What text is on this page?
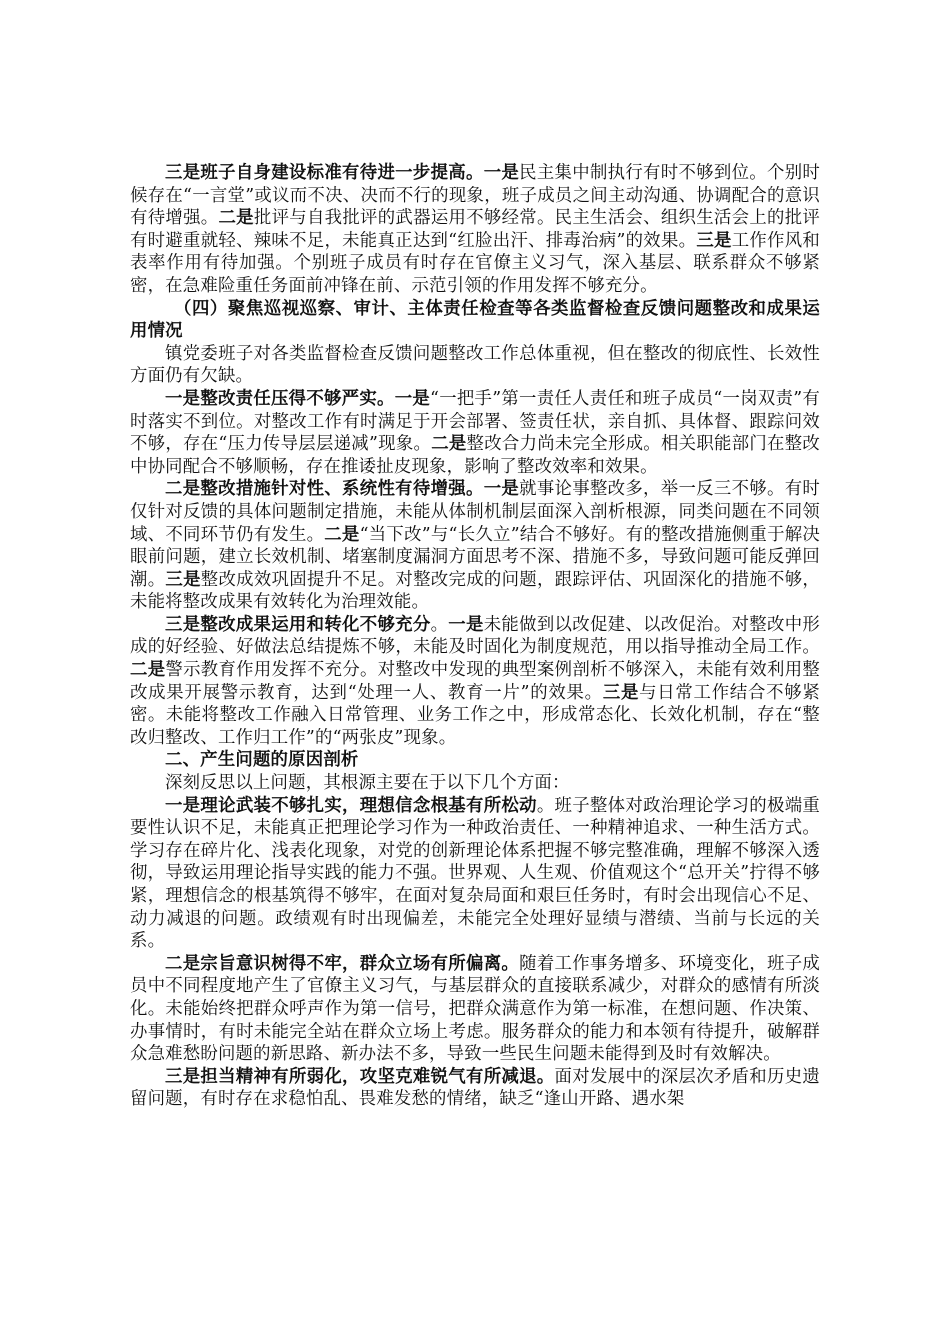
三是班子自身建设标准有待进一步提高。一是民主集中制执行有时不够到位。个别时候存在“一言堂”或议而不决、决而不行的现象，班子成员之间主动沟通、协调配合的意识有待增强。二是批评与自我批评的武器运用不够经常。民主生活会、组织生活会上的批评有时避重就轻、辣味不足，未能真正达到“红脸出汗、排毒治病”的效果。三是工作作风和表率作用有待加强。个别班子成员有时存在官僚主义习气，深入基层、联系群众不够紧密，在急难险重任务面前冲锋在前、示范引领的作用发挥不够充分。

（四）聚焦巡视巡察、审计、主体责任检查等各类监督检查反馈问题整改和成果运用情况

镇党委班子对各类监督检查反馈问题整改工作总体重视，但在整改的彻底性、长效性方面仍有欠缺。

一是整改责任压得不够严实。一是“一把手”第一责任人责任和班子成员“一岗双责”有时落实不到位。对整改工作有时满足于开会部署、签责任状，亲自抓、具体督、跟踪问效不够，存在“压力传导层层递减”现象。二是整改合力尚未完全形成。相关职能部门在整改中协同配合不够顺畅，存在推诿扯皮现象，影响了整改效率和效果。

二是整改措施针对性、系统性有待增强。一是就事论事整改多，举一反三不够。有时仅针对反馈的具体问题制定措施，未能从体制机制层面深入剖析根源，同类问题在不同领域、不同环节仍有发生。二是“当下改”与“长久立”结合不够好。有的整改措施侧重于解决眼前问题，建立长效机制、堵塞制度漏洞方面思考不深、措施不多，导致问题可能反弹回潮。三是整改成效巩固提升不足。对整改完成的问题，跟踪评估、巩固深化的措施不够，未能将整改成果有效转化为治理效能。

三是整改成果运用和转化不够充分。一是未能做到以改促建、以改促治。对整改中形成的好经验、好做法总结提炼不够，未能及时固化为制度规范，用以指导推动全局工作。二是警示教育作用发挥不充分。对整改中发现的典型案例剖析不够深入，未能有效利用整改成果开展警示教育，达到“处理一人、教育一片”的效果。三是与日常工作结合不够紧密。未能将整改工作融入日常管理、业务工作之中，形成常态化、长效化机制，存在“整改归整改、工作归工作”的“两张皮”现象。

二、产生问题的原因剖析

深刻反思以上问题，其根源主要在于以下几个方面：

一是理论武装不够扎实，理想信念根基有所松动。班子整体对政治理论学习的极端重要性认识不足，未能真正把理论学习作为一种政治责任、一种精神追求、一种生活方式。学习存在碎片化、浅表化现象，对党的创新理论体系把握不够完整准确，理解不够深入透彻，导致运用理论指导实践的能力不强。世界观、人生观、价值观这个“总开关”拧得不够紧，理想信念的根基筑得不够牢，在面对复杂局面和艰巨任务时，有时会出现信心不足、动力减退的问题。政绩观有时出现偏差，未能完全处理好显绩与潜绩、当前与长远的关系。

二是宗旨意识树得不牢，群众立场有所偏离。随着工作事务增多、环境变化，班子成员中不同程度地产生了官僚主义习气，与基层群众的直接联系减少，对群众的感情有所淡化。未能始终把群众呼声作为第一信号，把群众满意作为第一标准，在想问题、作决策、办事情时，有时未能完全站在群众立场上考虑。服务群众的能力和本领有待提升，破解群众急难愁盼问题的新思路、新办法不多，导致一些民生问题未能得到及时有效解决。

三是担当精神有所弱化，攻坚克难锐气有所减退。面对发展中的深层次矛盾和历史遗留问题，有时存在求稳怕乱、畏难发愁的情绪，缺乏“逢山开路、遇水架
